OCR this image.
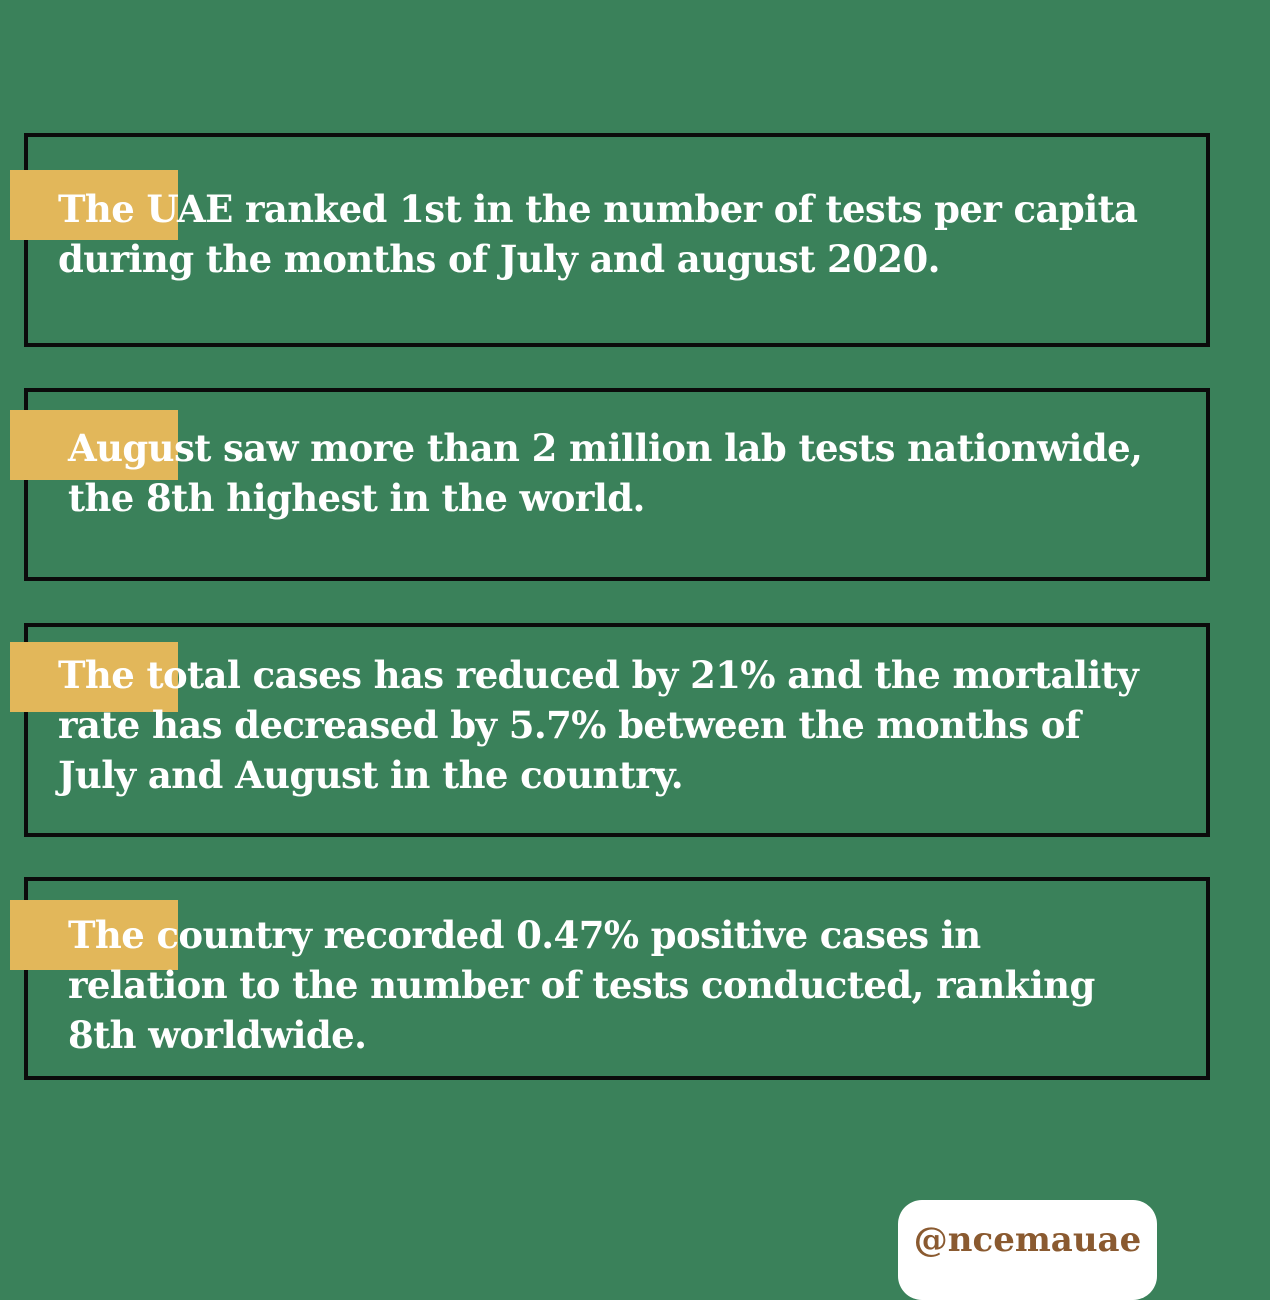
The UAE ranked 1st in the number of tests per capita
during the months of July and august 2020.

August saw more than 2 million lab tests nationwide,
the 8th highest in the world.

The total cases has reduced by 21% and the mortality
rate has decreased by 5.7% between the months of
July and August in the country.

The country recorded 0.47% positive cases in
relation to the number of tests conducted, ranking
8th worldwide.

@ncemauae
